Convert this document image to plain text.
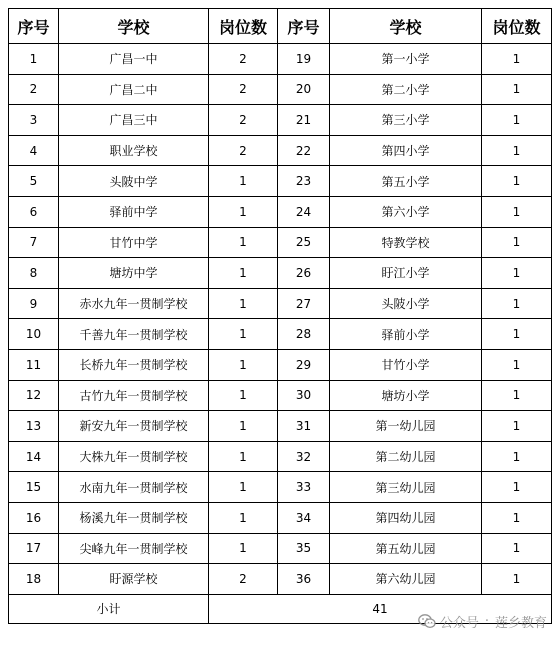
序号	学校	岗位数	序号	学校	岗位数
1	广昌一中	2	19	第一小学	1
2	广昌二中	2	20	第二小学	1
3	广昌三中	2	21	第三小学	1
4	职业学校	2	22	第四小学	1
5	头陂中学	1	23	第五小学	1
6	驿前中学	1	24	第六小学	1
7	甘竹中学	1	25	特教学校	1
8	塘坊中学	1	26	盱江小学	1
9	赤水九年一贯制学校	1	27	头陂小学	1
10	千善九年一贯制学校	1	28	驿前小学	1
11	长桥九年一贯制学校	1	29	甘竹小学	1
12	古竹九年一贯制学校	1	30	塘坊小学	1
13	新安九年一贯制学校	1	31	第一幼儿园	1
14	大株九年一贯制学校	1	32	第二幼儿园	1
15	水南九年一贯制学校	1	33	第三幼儿园	1
16	杨溪九年一贯制学校	1	34	第四幼儿园	1
17	尖峰九年一贯制学校	1	35	第五幼儿园	1
18	盱源学校	2	36	第六幼儿园	1
小计		41			
公众号 · 莲乡教育
